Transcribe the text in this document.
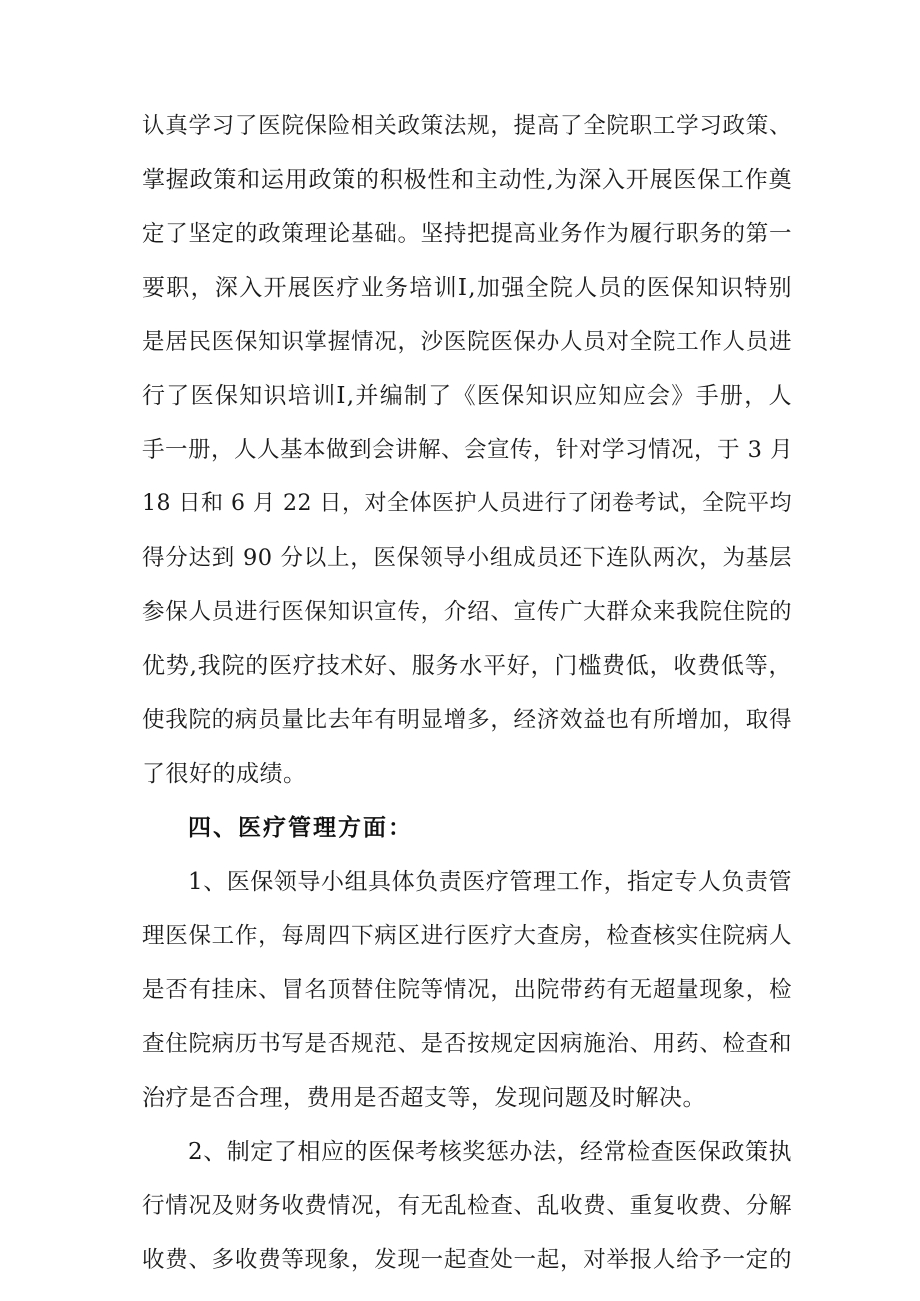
认真学习了医院保险相关政策法规，提高了全院职工学习政策、
掌握政策和运用政策的积极性和主动性,为深入开展医保工作奠
定了坚定的政策理论基础。坚持把提高业务作为履行职务的第一
要职，深入开展医疗业务培训Ⅰ,加强全院人员的医保知识特别
是居民医保知识掌握情况，沙医院医保办人员对全院工作人员进
行了医保知识培训Ⅰ,并编制了《医保知识应知应会》手册，人
手一册，人人基本做到会讲解、会宣传，针对学习情况，于 3 月
18 日和 6 月 22 日，对全体医护人员进行了闭卷考试，全院平均
得分达到 90 分以上，医保领导小组成员还下连队两次，为基层
参保人员进行医保知识宣传，介绍、宣传广大群众来我院住院的
优势,我院的医疗技术好、服务水平好，门槛费低，收费低等，
使我院的病员量比去年有明显增多，经济效益也有所增加，取得
了很好的成绩。
四、医疗管理方面：
1、医保领导小组具体负责医疗管理工作，指定专人负责管
理医保工作，每周四下病区进行医疗大查房，检查核实住院病人
是否有挂床、冒名顶替住院等情况，出院带药有无超量现象，检
查住院病历书写是否规范、是否按规定因病施治、用药、检查和
治疗是否合理，费用是否超支等，发现问题及时解决。
2、制定了相应的医保考核奖惩办法，经常检查医保政策执
行情况及财务收费情况，有无乱检查、乱收费、重复收费、分解
收费、多收费等现象，发现一起查处一起，对举报人给予一定的
